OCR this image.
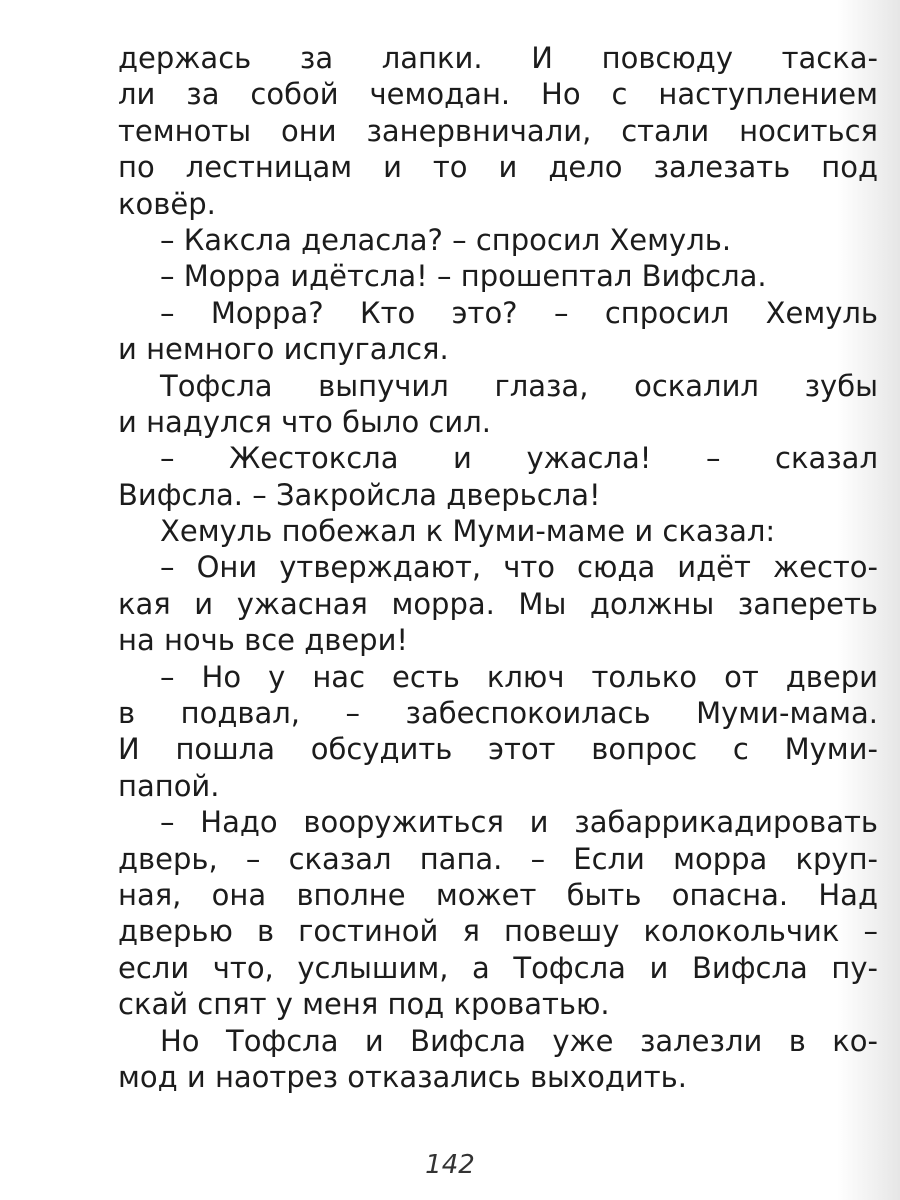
держась за лапки. И повсюду таска-
ли за собой чемодан. Но с наступлением
темноты они занервничали, стали носиться
по лестницам и то и дело залезать под
ковёр.
– Каксла деласла? – спросил Хемуль.
– Морра идётсла! – прошептал Вифсла.
– Морра? Кто это? – спросил Хемуль
и немного испугался.
Тофсла выпучил глаза, оскалил зубы
и надулся что было сил.
– Жестоксла и ужасла! – сказал
Вифсла. – Закройсла дверьсла!
Хемуль побежал к Муми-маме и сказал:
– Они утверждают, что сюда идёт жесто-
кая и ужасная морра. Мы должны запереть
на ночь все двери!
– Но у нас есть ключ только от двери
в подвал, – забеспокоилась Муми-мама.
И пошла обсудить этот вопрос с Муми-
папой.
– Надо вооружиться и забаррикадировать
дверь, – сказал папа. – Если морра круп-
ная, она вполне может быть опасна. Над
дверью в гостиной я повешу колокольчик –
если что, услышим, а Тофсла и Вифсла пу-
скай спят у меня под кроватью.
Но Тофсла и Вифсла уже залезли в ко-
мод и наотрез отказались выходить.
142
